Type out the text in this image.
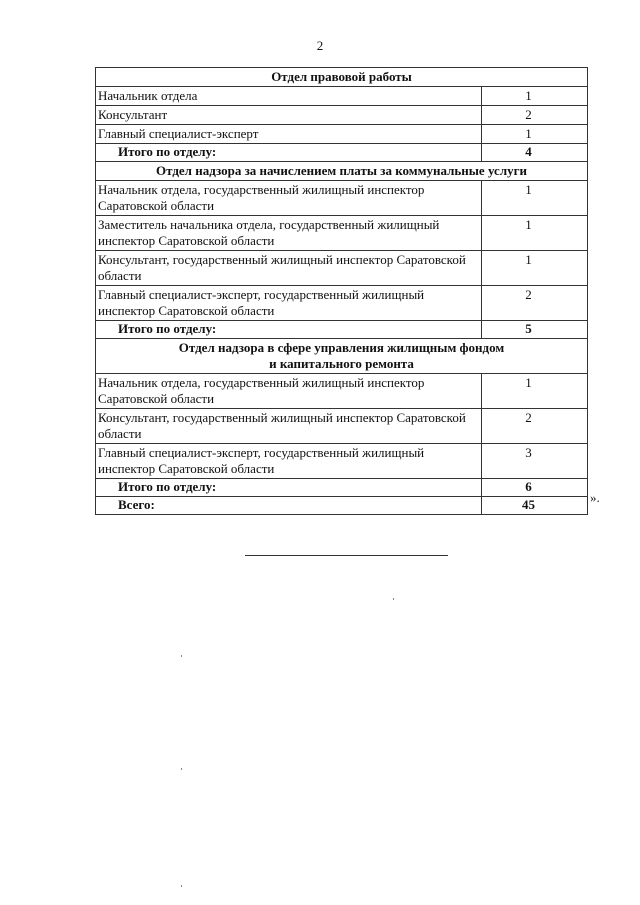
2
Отдел правовой работы	
Начальник отдела	1
Консультант	2
Главный специалист-эксперт	1
Итого по отделу:	4
Отдел надзора за начислением платы за коммунальные услуги	
Начальник отдела, государственный жилищный инспектор Саратовской области	1
Заместитель начальника отдела, государственный жилищный инспектор Саратовской области	1
Консультант, государственный жилищный инспектор Саратовской области	1
Главный специалист-эксперт, государственный жилищный инспектор Саратовской области	2
Итого по отделу:	5
Отдел надзора в сфере управления жилищным фондом
и капитального ремонта	
Начальник отдела, государственный жилищный инспектор Саратовской области	1
Консультант, государственный жилищный инспектор Саратовской области	2
Главный специалист-эксперт, государственный жилищный инспектор Саратовской области	3
Итого по отделу:	6
Всего:	45	».
